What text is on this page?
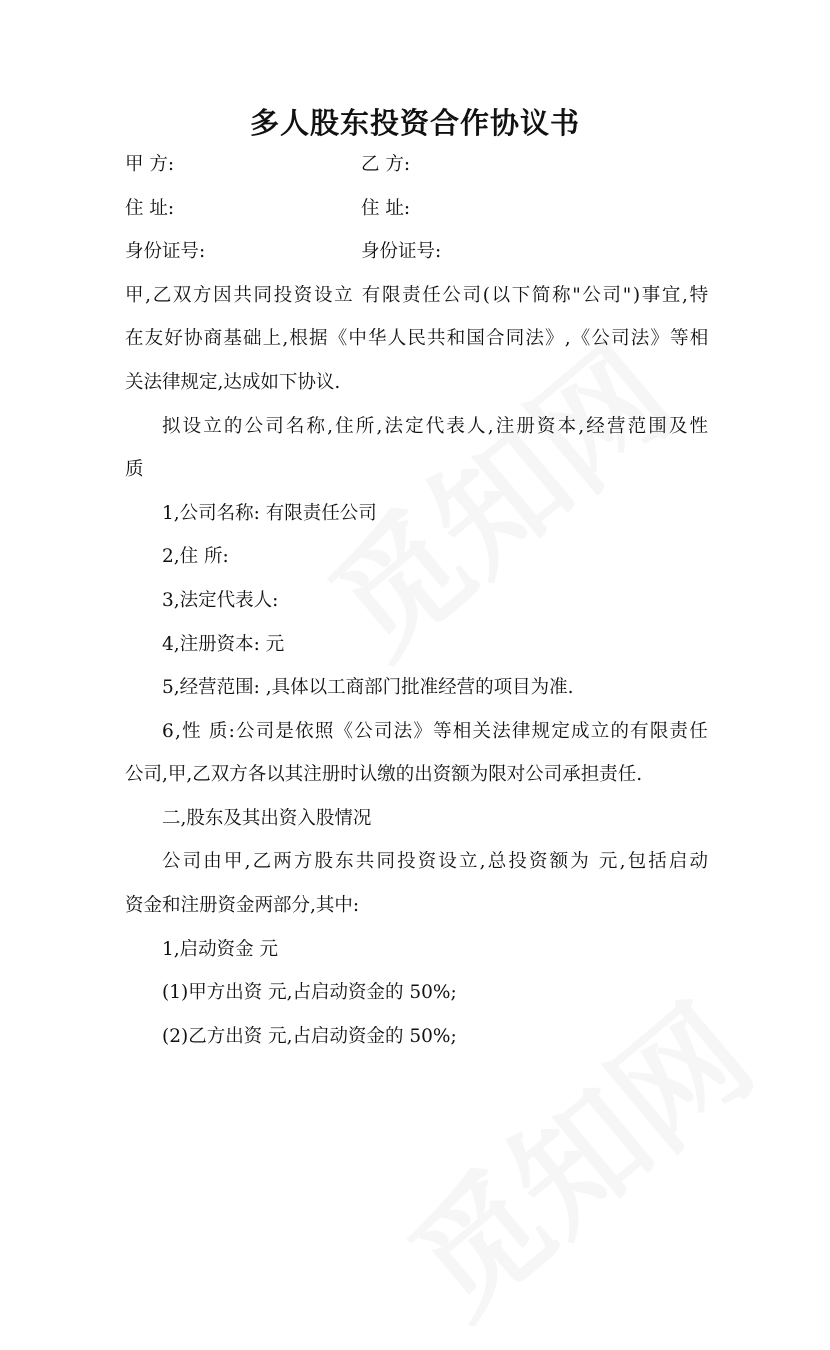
多人股东投资合作协议书
甲 方:	乙 方:
住 址:	住 址:
身份证号:	身份证号:
甲,乙双方因共同投资设立 有限责任公司(以下简称"公司")事宜,特
在友好协商基础上,根据《中华人民共和国合同法》,《公司法》等相
关法律规定,达成如下协议.
拟设立的公司名称,住所,法定代表人,注册资本,经营范围及性
质
1,公司名称: 有限责任公司
2,住 所:
3,法定代表人:
4,注册资本: 元
5,经营范围: ,具体以工商部门批准经营的项目为准.
6,性 质:公司是依照《公司法》等相关法律规定成立的有限责任
公司,甲,乙双方各以其注册时认缴的出资额为限对公司承担责任.
二,股东及其出资入股情况
公司由甲,乙两方股东共同投资设立,总投资额为 元,包括启动
资金和注册资金两部分,其中:
1,启动资金 元
(1)甲方出资 元,占启动资金的 50%;
(2)乙方出资 元,占启动资金的 50%;
